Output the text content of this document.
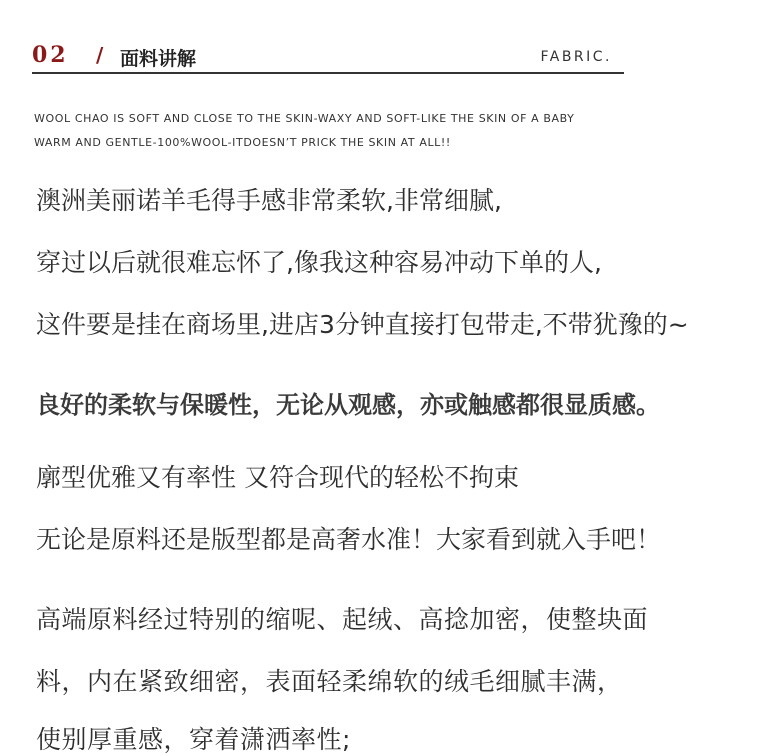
02 / 面料讲解	FABRIC.
WOOL CHAO IS SOFT AND CLOSE TO THE SKIN-WAXY AND SOFT-LIKE THE SKIN OF A BABY
WARM AND GENTLE-100%WOOL-ITDOESN’T PRICK THE SKIN AT ALL!!
澳洲美丽诺羊毛得手感非常柔软,非常细腻,
穿过以后就很难忘怀了,像我这种容易冲动下单的人,
这件要是挂在商场里,进店3分钟直接打包带走,不带犹豫的~
良好的柔软与保暖性，无论从观感，亦或触感都很显质感。
廓型优雅又有率性 又符合现代的轻松不拘束
无论是原料还是版型都是高奢水准！大家看到就入手吧！
高端原料经过特别的缩呢、起绒、高捻加密，使整块面
料，内在紧致细密，表面轻柔绵软的绒毛细腻丰满，
使别厚重感，穿着潇洒率性;
